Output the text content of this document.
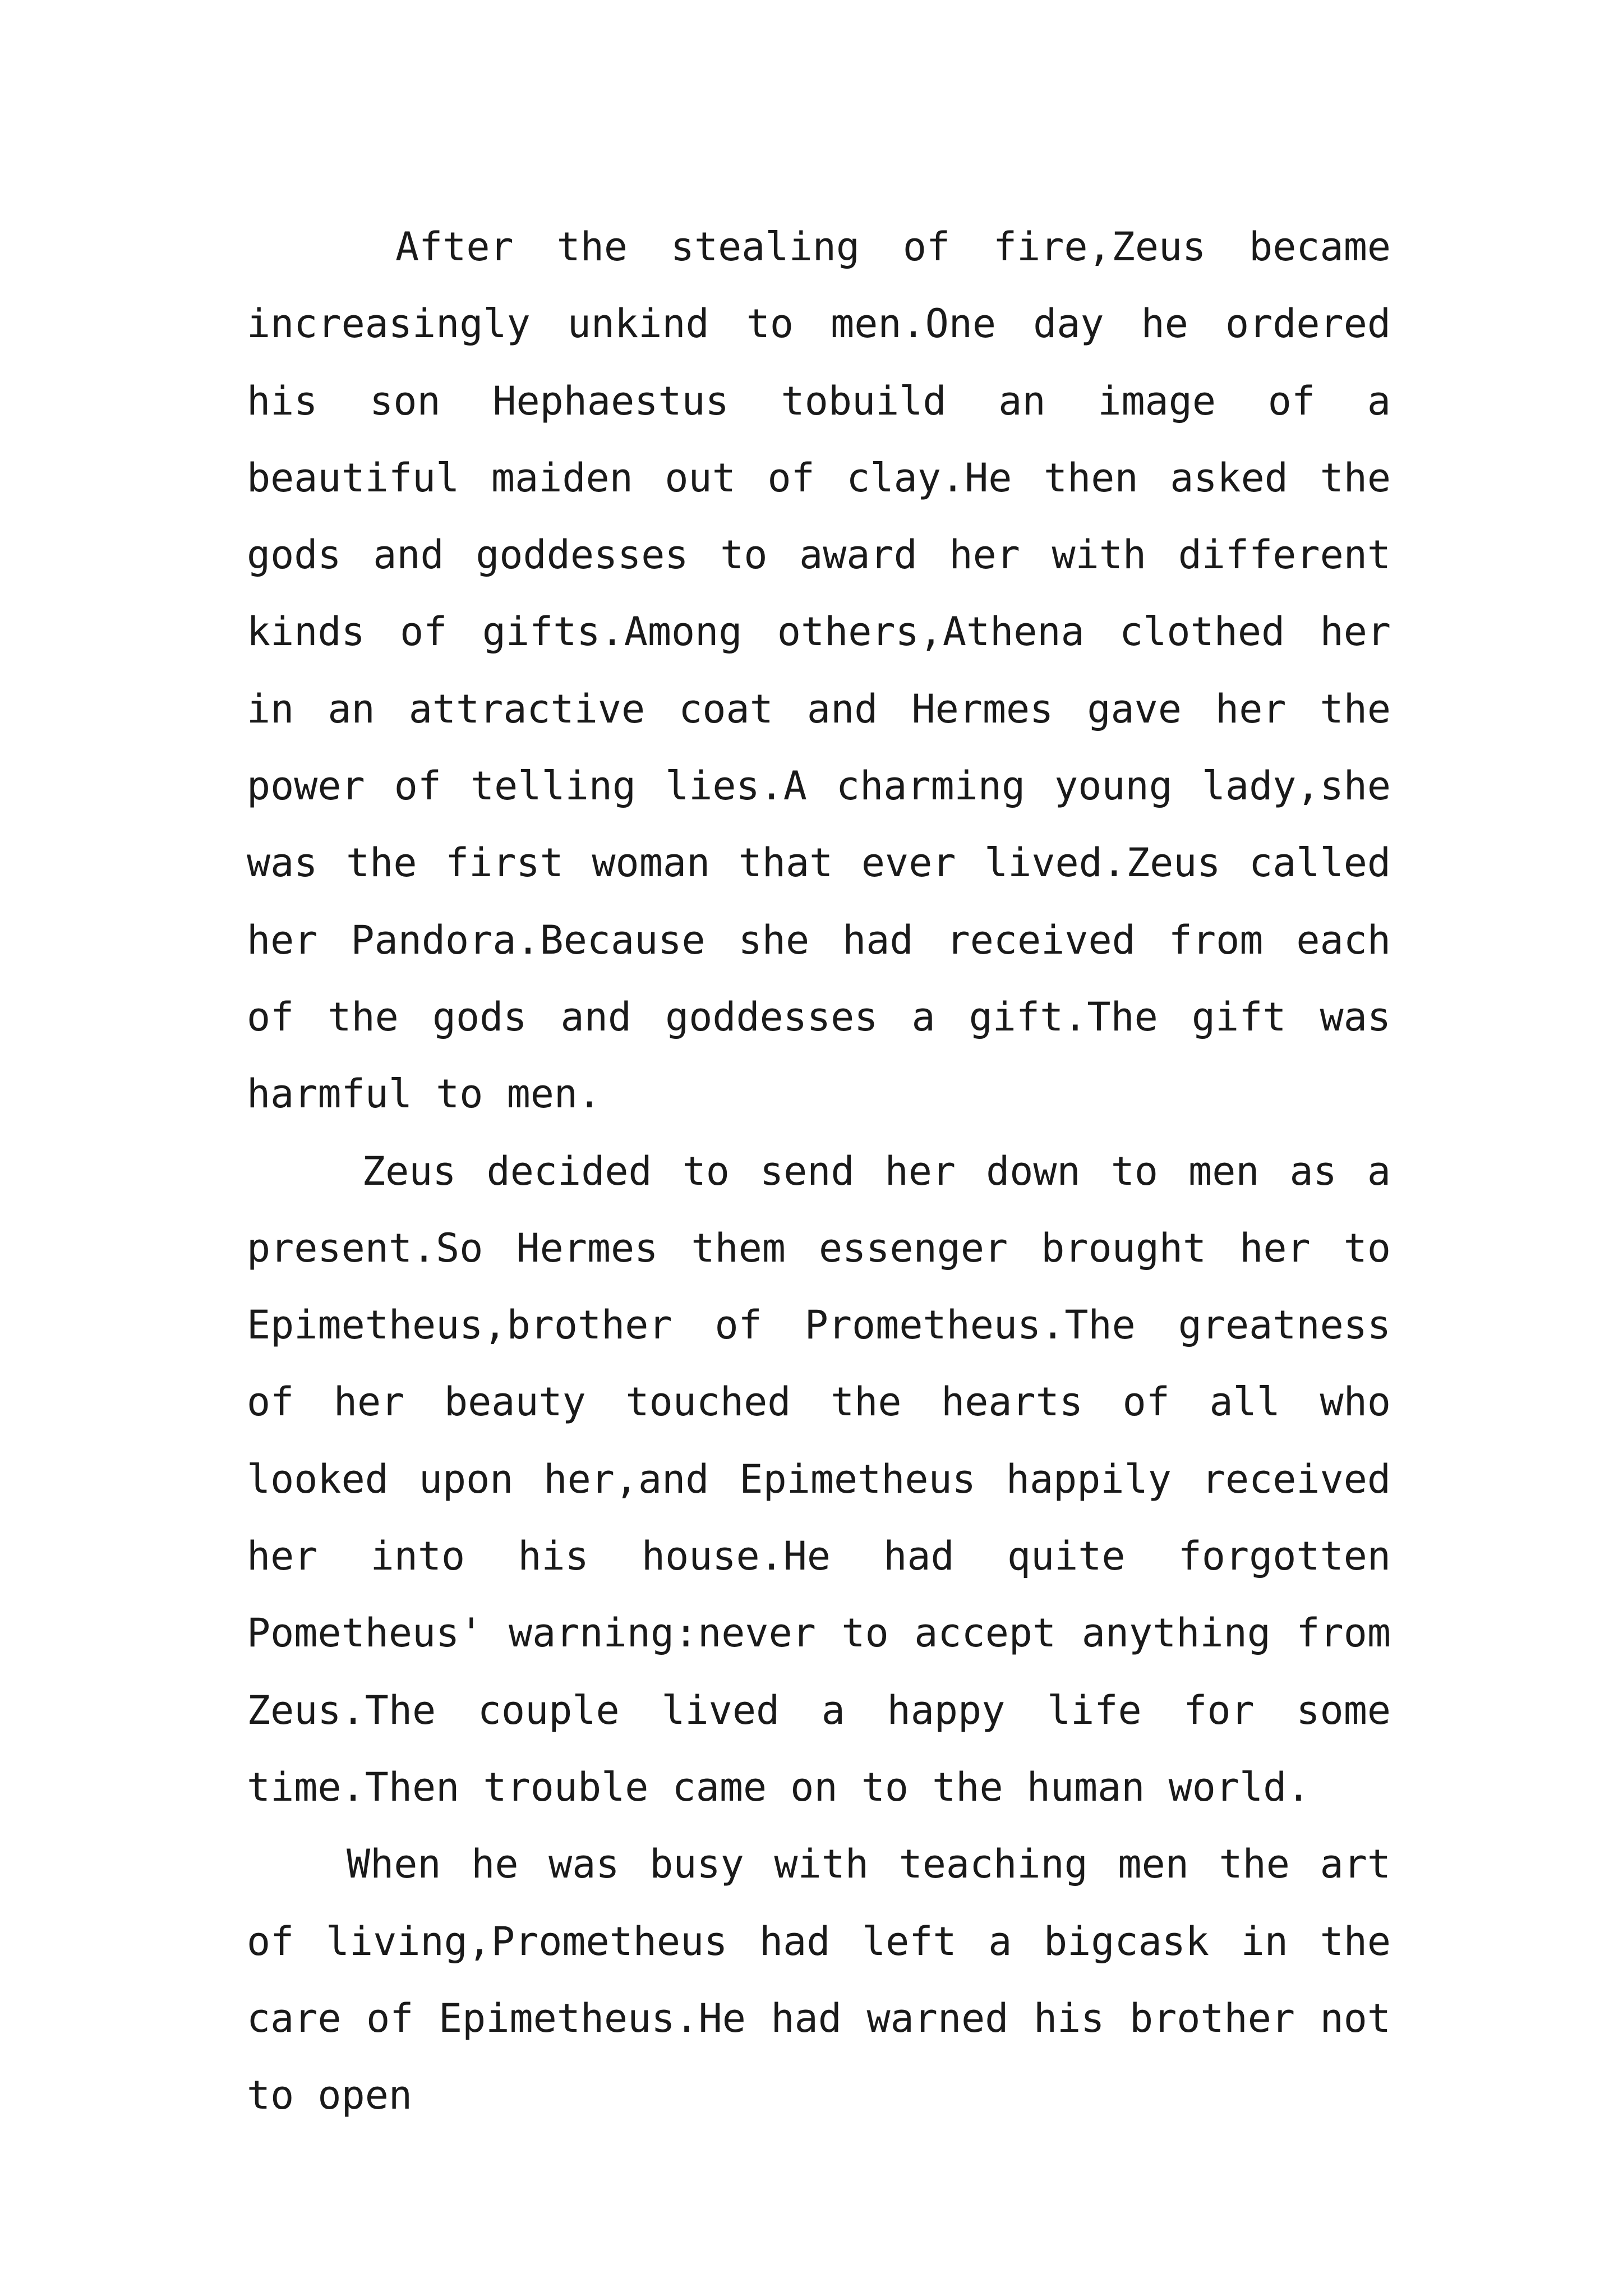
After the stealing of fire,Zeus became increasingly unkind to men.One day he ordered his son Hephaestus tobuild an image of a beautiful maiden out of clay.He then asked the gods and goddesses to award her with different kinds of gifts.Among others,Athena clothed her in an attractive coat and Hermes gave her the power of telling lies.A charming young lady,she was the first woman that ever lived.Zeus called her Pandora.Because she had received from each of the gods and goddesses a gift.The gift was harmful to men.

Zeus decided to send her down to men as a present.So Hermes them essenger brought her to Epimetheus,brother of Prometheus.The greatness of her beauty touched the hearts of all who looked upon her,and Epimetheus happily received her into his house.He had quite forgotten Pometheus' warning:never to accept anything from Zeus.The couple lived a happy life for some time.Then trouble came on to the human world.

When he was busy with teaching men the art of living,Prometheus had left a bigcask in the care of Epimetheus.He had warned his brother not to open
